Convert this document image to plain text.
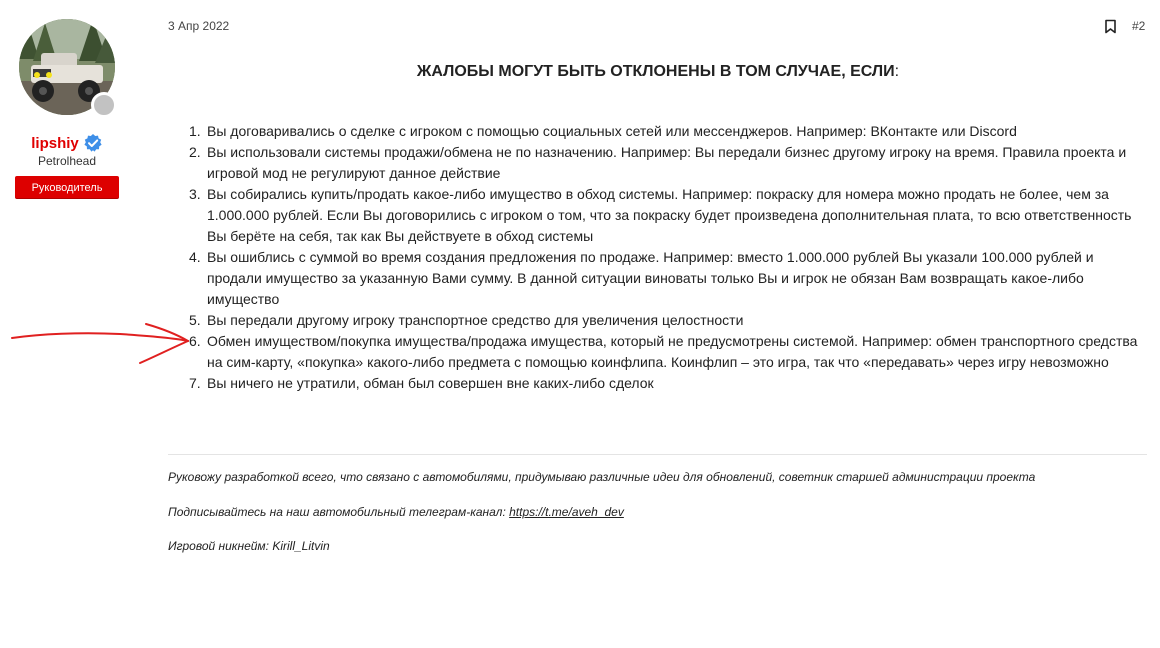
lipshiy
Petrolhead
Руководитель
3 Апр 2022	#2
ЖАЛОБЫ МОГУТ БЫТЬ ОТКЛОНЕНЫ В ТОМ СЛУЧАЕ, ЕСЛИ:
1. Вы договаривались о сделке с игроком с помощью социальных сетей или мессенджеров. Например: ВКонтакте или Discord
2. Вы использовали системы продажи/обмена не по назначению. Например: Вы передали бизнес другому игроку на время. Правила проекта и игровой мод не регулируют данное действие
3. Вы собирались купить/продать какое-либо имущество в обход системы. Например: покраску для номера можно продать не более, чем за 1.000.000 рублей. Если Вы договорились с игроком о том, что за покраску будет произведена дополнительная плата, то всю ответственность Вы берёте на себя, так как Вы действуете в обход системы
4. Вы ошиблись с суммой во время создания предложения по продаже. Например: вместо 1.000.000 рублей Вы указали 100.000 рублей и продали имущество за указанную Вами сумму. В данной ситуации виноваты только Вы и игрок не обязан Вам возвращать какое-либо имущество
5. Вы передали другому игроку транспортное средство для увеличения целостности
6. Обмен имуществом/покупка имущества/продажа имущества, который не предусмотрены системой. Например: обмен транспортного средства на сим-карту, «покупка» какого-либо предмета с помощью коинфлипа. Коинфлип – это игра, так что «передавать» через игру невозможно
7. Вы ничего не утратили, обман был совершен вне каких-либо сделок
Руковожу разработкой всего, что связано с автомобилями, придумываю различные идеи для обновлений, советник старшей администрации проекта
Подписывайтесь на наш автомобильный телеграм-канал: https://t.me/aveh_dev
Игровой никнейм: Kirill_Litvin
